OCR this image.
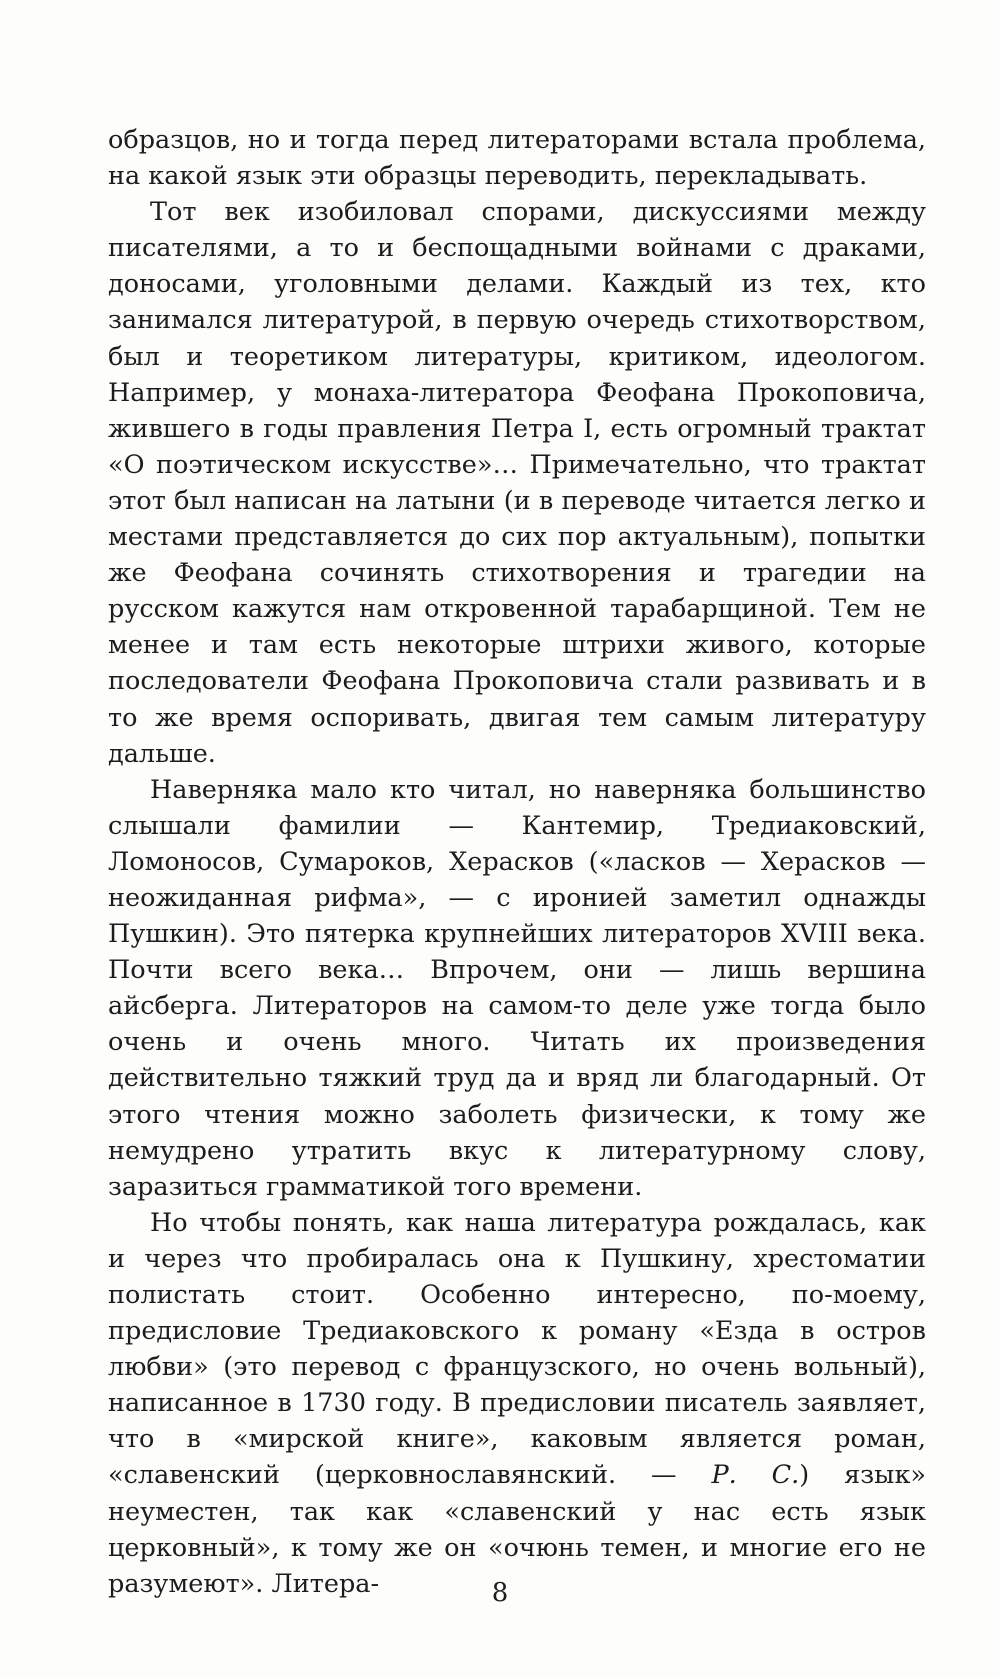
образцов, но и тогда перед литераторами встала проблема, на какой язык эти образцы переводить, перекладывать.

Тот век изобиловал спорами, дискуссиями между писателями, а то и беспощадными войнами с драками, доносами, уголовными делами. Каждый из тех, кто занимался литературой, в первую очередь стихотворством, был и теоретиком литературы, критиком, идеологом. Например, у монаха-литератора Феофана Прокоповича, жившего в годы правления Петра I, есть огромный трактат «О поэтическом искусстве»… Примечательно, что трактат этот был написан на латыни (и в переводе читается легко и местами представляется до сих пор актуальным), попытки же Феофана сочинять стихотворения и трагедии на русском кажутся нам откровенной тарабарщиной. Тем не менее и там есть некоторые штрихи живого, которые последователи Феофана Прокоповича стали развивать и в то же время оспоривать, двигая тем самым литературу дальше.

Наверняка мало кто читал, но наверняка большинство слышали фамилии — Кантемир, Тредиаковский, Ломоносов, Сумароков, Херасков («ласков — Херасков — неожиданная рифма», — с иронией заметил однажды Пушкин). Это пятерка крупнейших литераторов XVIII века. Почти всего века… Впрочем, они — лишь вершина айсберга. Литераторов на самом-то деле уже тогда было очень и очень много. Читать их произведения действительно тяжкий труд да и вряд ли благодарный. От этого чтения можно заболеть физически, к тому же немудрено утратить вкус к литературному слову, заразиться грамматикой того времени.

Но чтобы понять, как наша литература рождалась, как и через что пробиралась она к Пушкину, хрестоматии полистать стоит. Особенно интересно, по-моему, предисловие Тредиаковского к роману «Езда в остров любви» (это перевод с французского, но очень вольный), написанное в 1730 году. В предисловии писатель заявляет, что в «мирской книге», каковым является роман, «славенский (церковнославянский. — Р. С.) язык» неуместен, так как «славенский у нас есть язык церковный», к тому же он «очюнь темен, и многие его не разумеют». Литера-	8
